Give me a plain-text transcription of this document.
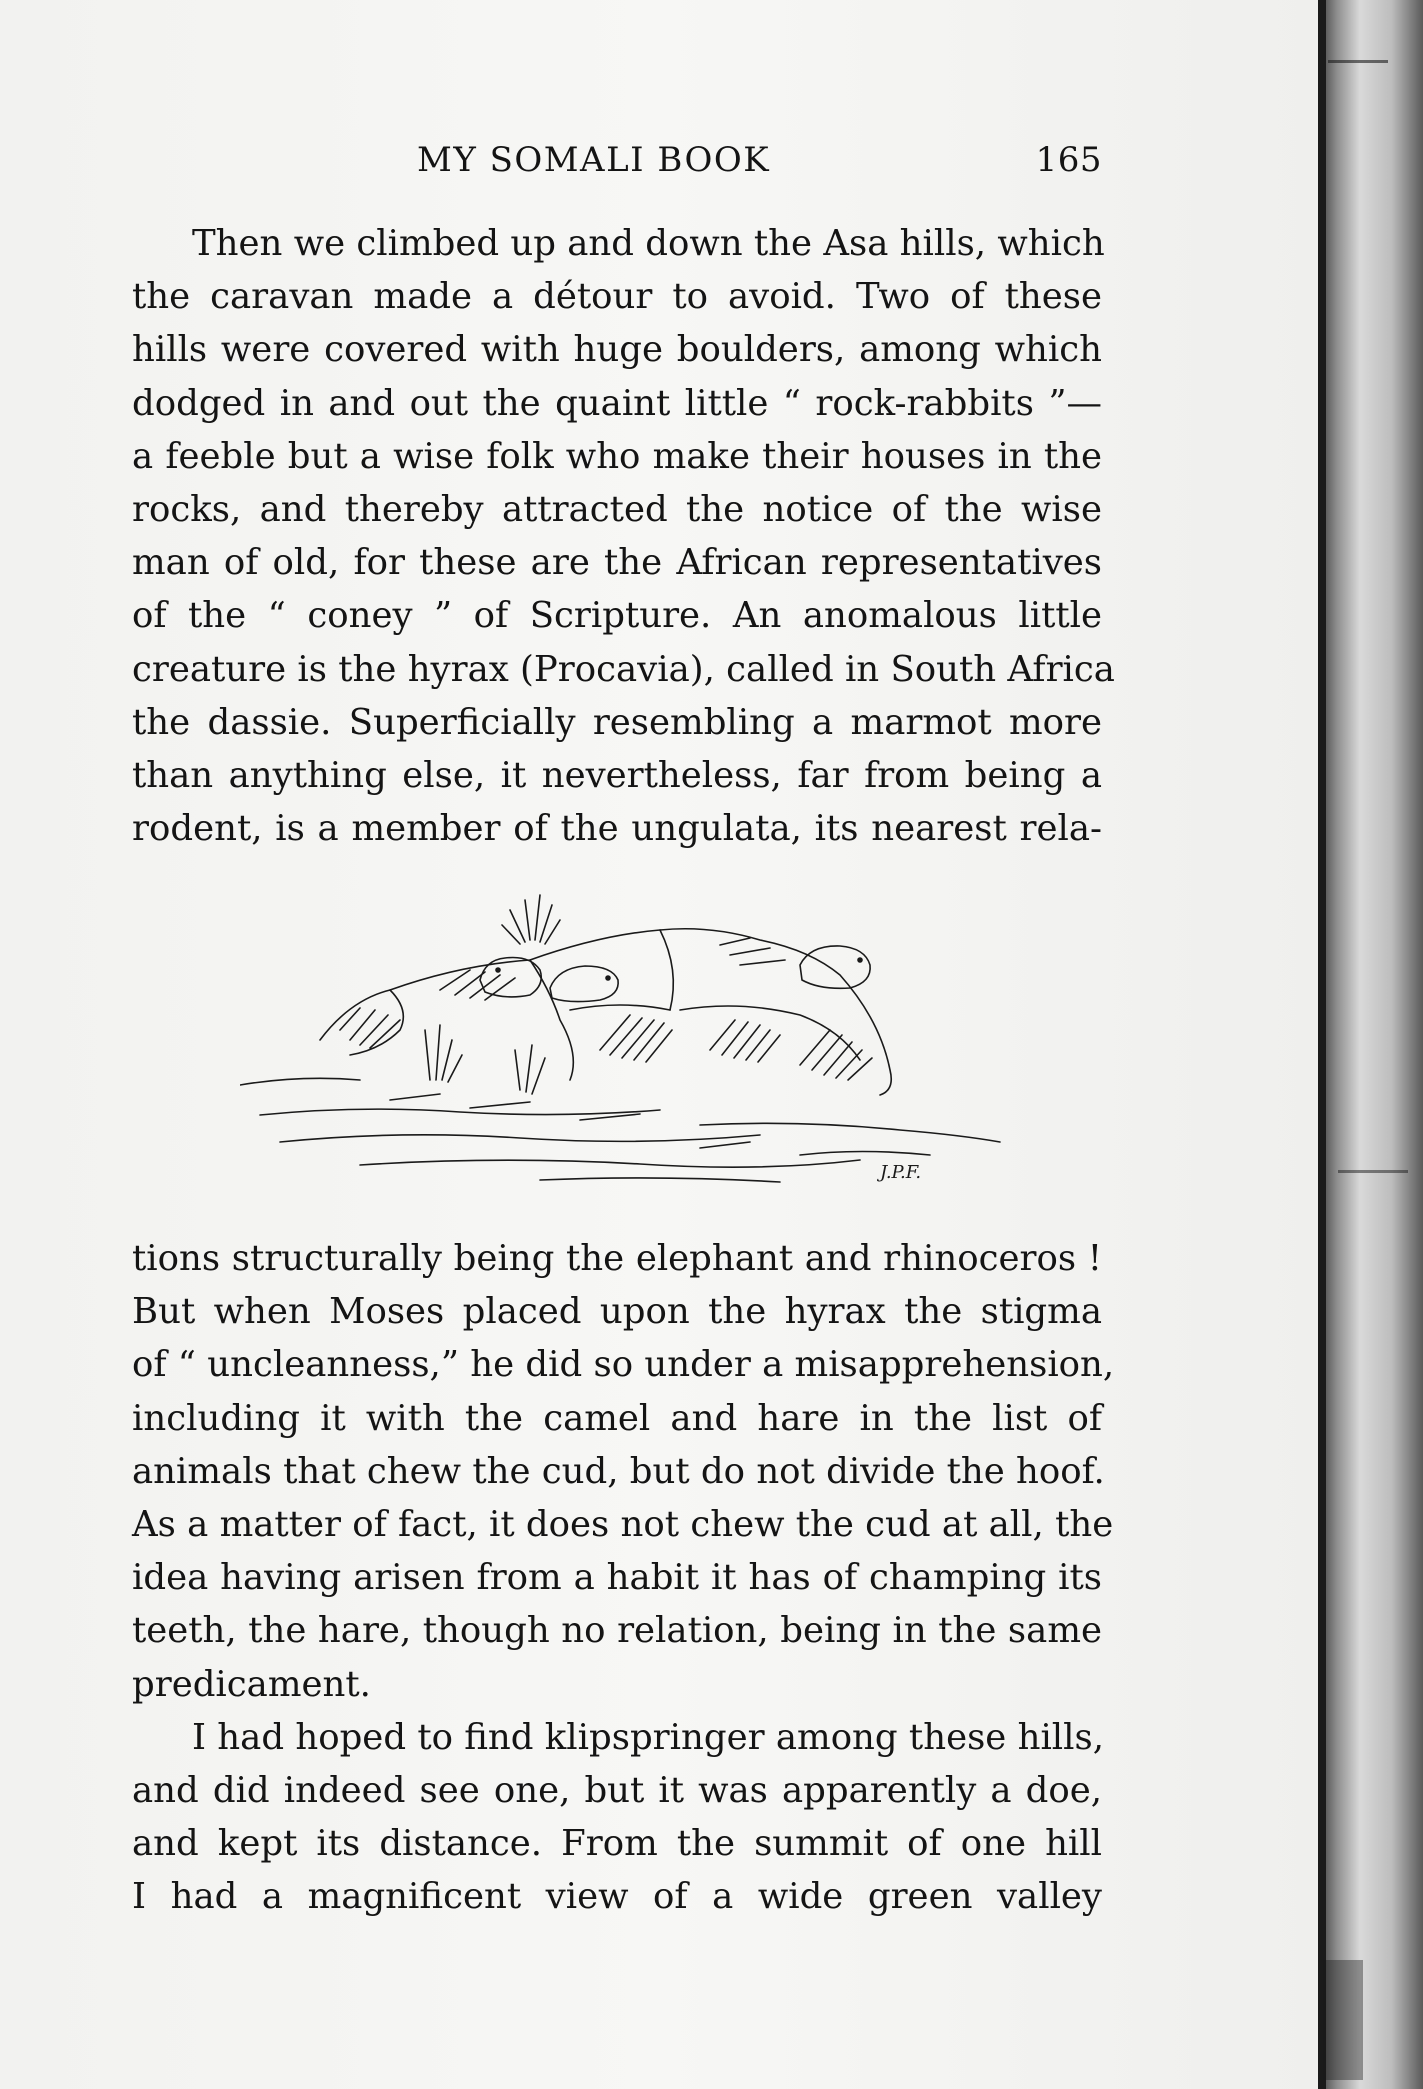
MY SOMALI BOOK	165
Then we climbed up and down the Asa hills, which
the caravan made a détour to avoid. Two of these
hills were covered with huge boulders, among which
dodged in and out the quaint little “ rock-rabbits ”—
a feeble but a wise folk who make their houses in the
rocks, and thereby attracted the notice of the wise
man of old, for these are the African representatives
of the “ coney ” of Scripture. An anomalous little
creature is the hyrax (Procavia), called in South Africa
the dassie. Superficially resembling a marmot more
than anything else, it nevertheless, far from being a
rodent, is a member of the ungulata, its nearest rela-
J.P.F.
tions structurally being the elephant and rhinoceros !
But when Moses placed upon the hyrax the stigma
of “ uncleanness,” he did so under a misapprehension,
including it with the camel and hare in the list of
animals that chew the cud, but do not divide the hoof.
As a matter of fact, it does not chew the cud at all, the
idea having arisen from a habit it has of champing its
teeth, the hare, though no relation, being in the same
predicament.
I had hoped to find klipspringer among these hills,
and did indeed see one, but it was apparently a doe,
and kept its distance. From the summit of one hill
I had a magnificent view of a wide green valley
